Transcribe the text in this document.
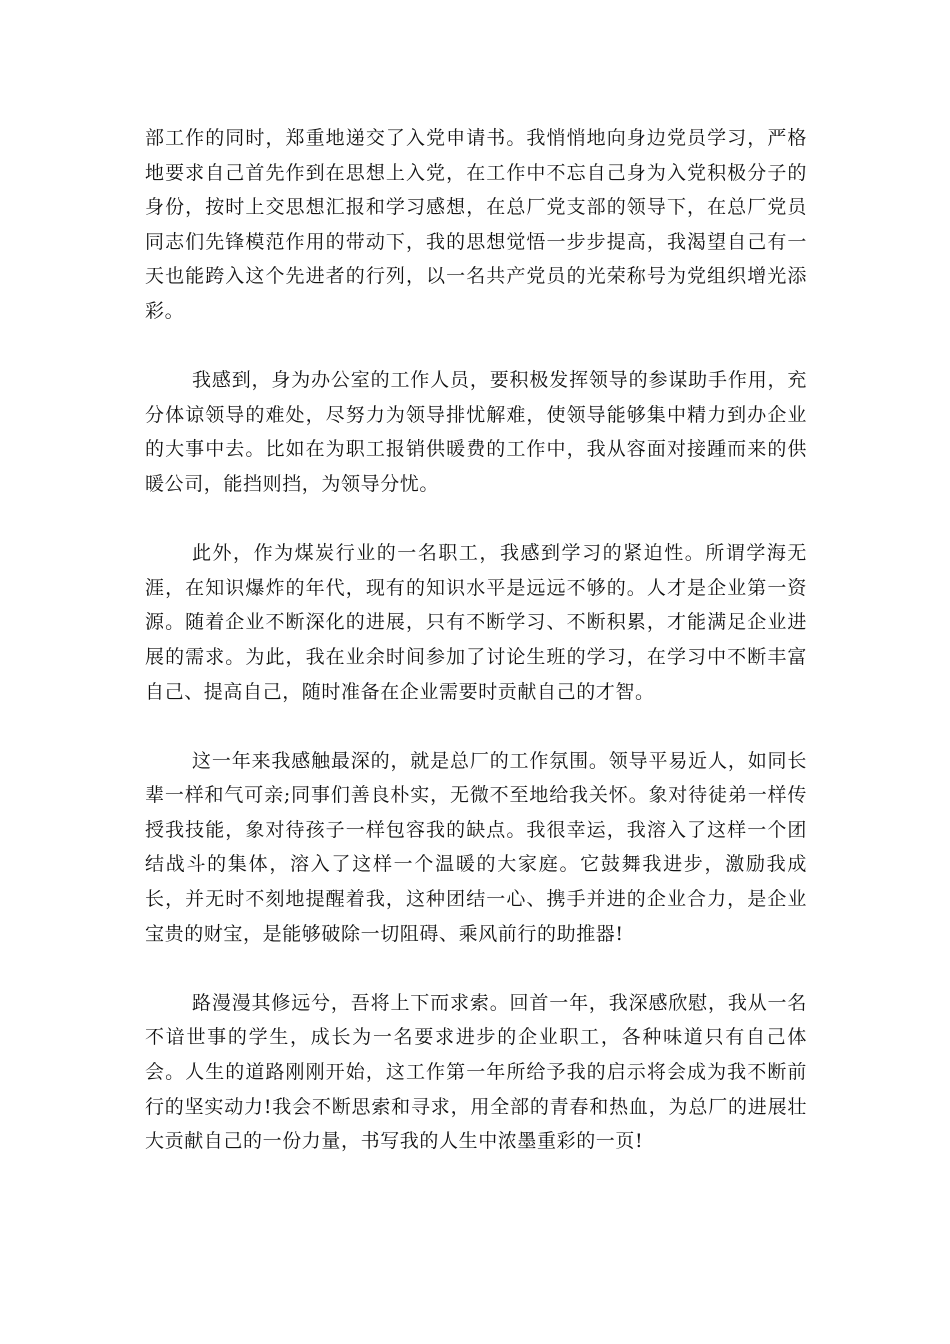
部工作的同时，郑重地递交了入党申请书。我悄悄地向身边党员学习，严格地要求自己首先作到在思想上入党，在工作中不忘自己身为入党积极分子的身份，按时上交思想汇报和学习感想，在总厂党支部的领导下，在总厂党员同志们先锋模范作用的带动下，我的思想觉悟一步步提高，我渴望自己有一天也能跨入这个先进者的行列，以一名共产党员的光荣称号为党组织增光添彩。

我感到，身为办公室的工作人员，要积极发挥领导的参谋助手作用，充分体谅领导的难处，尽努力为领导排忧解难，使领导能够集中精力到办企业的大事中去。比如在为职工报销供暖费的工作中，我从容面对接踵而来的供暖公司，能挡则挡，为领导分忧。

此外，作为煤炭行业的一名职工，我感到学习的紧迫性。所谓学海无涯，在知识爆炸的年代，现有的知识水平是远远不够的。人才是企业第一资源。随着企业不断深化的进展，只有不断学习、不断积累，才能满足企业进展的需求。为此，我在业余时间参加了讨论生班的学习，在学习中不断丰富自己、提高自己，随时准备在企业需要时贡献自己的才智。

这一年来我感触最深的，就是总厂的工作氛围。领导平易近人，如同长辈一样和气可亲;同事们善良朴实，无微不至地给我关怀。象对待徒弟一样传授我技能，象对待孩子一样包容我的缺点。我很幸运，我溶入了这样一个团结战斗的集体，溶入了这样一个温暖的大家庭。它鼓舞我进步，激励我成长，并无时不刻地提醒着我，这种团结一心、携手并进的企业合力，是企业宝贵的财宝，是能够破除一切阻碍、乘风前行的助推器!

路漫漫其修远兮，吾将上下而求索。回首一年，我深感欣慰，我从一名不谙世事的学生，成长为一名要求进步的企业职工，各种味道只有自己体会。人生的道路刚刚开始，这工作第一年所给予我的启示将会成为我不断前行的坚实动力!我会不断思索和寻求，用全部的青春和热血，为总厂的进展壮大贡献自己的一份力量，书写我的人生中浓墨重彩的一页!
